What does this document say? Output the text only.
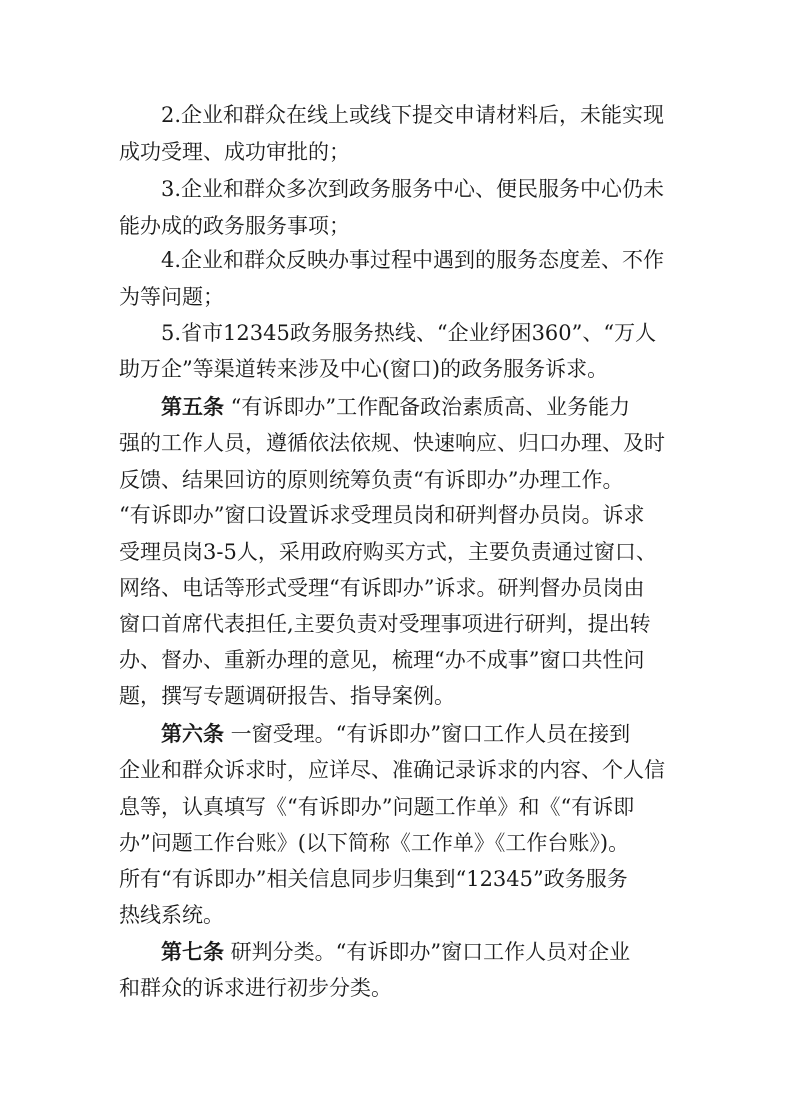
2.企业和群众在线上或线下提交申请材料后，未能实现
成功受理、成功审批的；
3.企业和群众多次到政务服务中心、便民服务中心仍未
能办成的政务服务事项；
4.企业和群众反映办事过程中遇到的服务态度差、不作
为等问题；
5.省市12345政务服务热线、“企业纾困360”、“万人
助万企”等渠道转来涉及中心(窗口)的政务服务诉求。
第五条 “有诉即办”工作配备政治素质高、业务能力
强的工作人员，遵循依法依规、快速响应、归口办理、及时
反馈、结果回访的原则统筹负责“有诉即办”办理工作。
“有诉即办”窗口设置诉求受理员岗和研判督办员岗。诉求
受理员岗3-5人，采用政府购买方式，主要负责通过窗口、
网络、电话等形式受理“有诉即办”诉求。研判督办员岗由
窗口首席代表担任,主要负责对受理事项进行研判，提出转
办、督办、重新办理的意见，梳理“办不成事”窗口共性问
题，撰写专题调研报告、指导案例。
第六条 一窗受理。“有诉即办”窗口工作人员在接到
企业和群众诉求时，应详尽、准确记录诉求的内容、个人信
息等，认真填写《“有诉即办”问题工作单》和《“有诉即
办”问题工作台账》(以下简称《工作单》《工作台账》)。
所有“有诉即办”相关信息同步归集到“12345”政务服务
热线系统。
第七条 研判分类。“有诉即办”窗口工作人员对企业
和群众的诉求进行初步分类。
